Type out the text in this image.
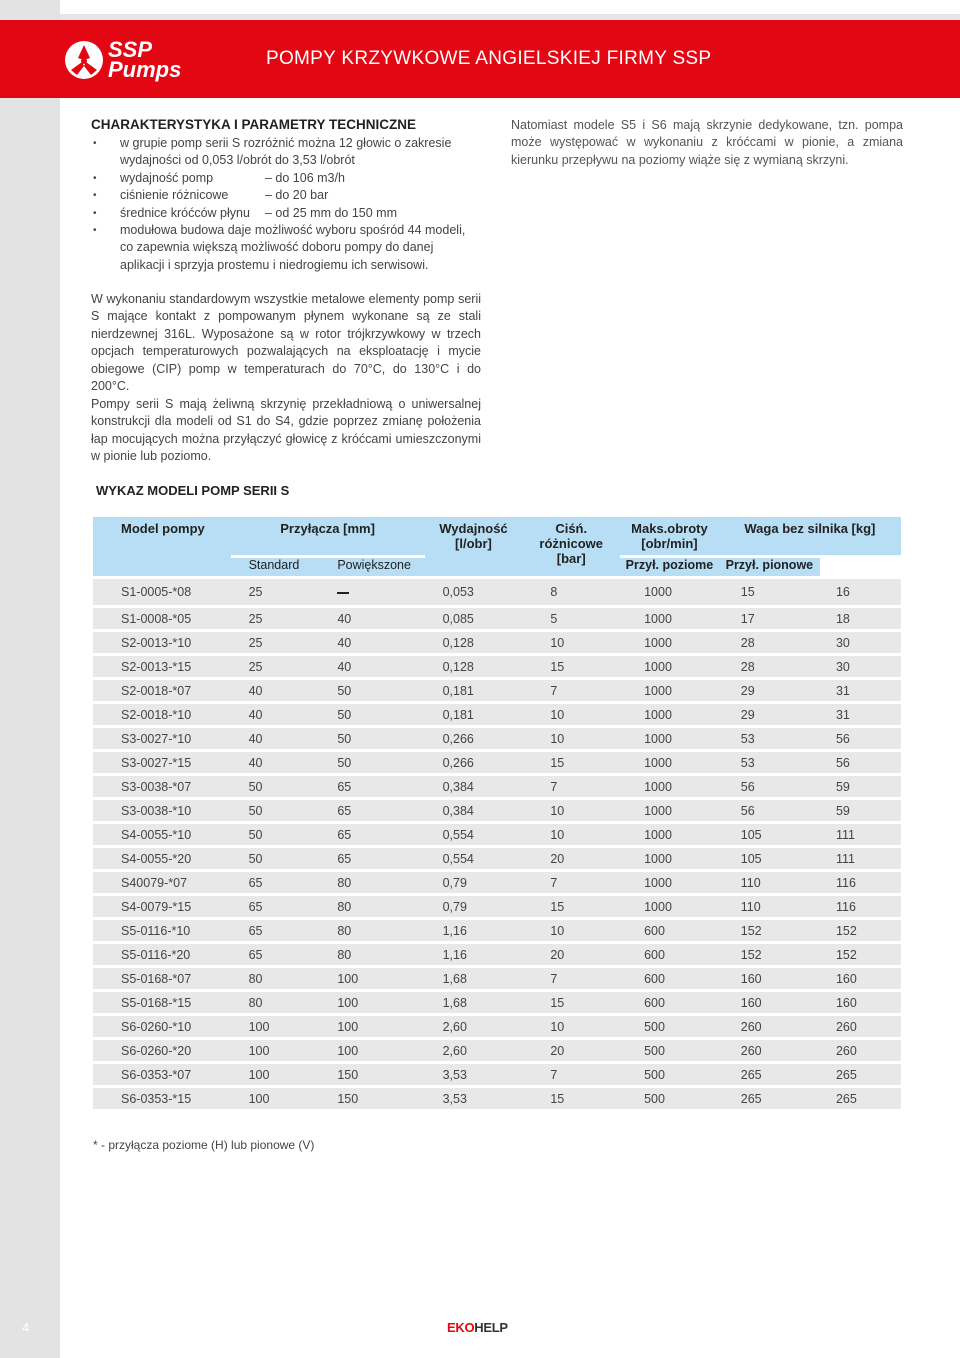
SSP
Pumps	POMPY KRZYWKOWE ANGIELSKIEJ FIRMY SSP
CHARAKTERYSTYKA I PARAMETRY TECHNICZNE
• w grupie pomp serii S rozróżnić można 12 głowic o zakresie wydajności od 0,053 l/obrót do 3,53 l/obrót
• wydajność pomp	– do 106 m3/h
• ciśnienie różnicowe	– do 20 bar
• średnice króćców płynu – od 25 mm do 150 mm
• modułowa budowa daje możliwość wyboru spośród 44 modeli, co zapewnia większą możliwość doboru pompy do danej aplikacji i sprzyja prostemu i niedrogiemu ich serwisowi.
Natomiast modele S5 i S6 mają skrzynie dedykowane, tzn. pompa może występować w wykonaniu z króćcami w pionie, a zmiana kierunku przepływu na poziomy wiąże się z wymianą skrzyni.
W wykonaniu standardowym wszystkie metalowe elementy pomp serii S mające kontakt z pompowanym płynem wykonane są ze stali nierdzewnej 316L. Wyposażone są w rotor trójkrzywkowy w trzech opcjach temperaturowych pozwalających na eksploatację i mycie obiegowe (CIP) pomp w temperaturach do 70°C, do 130°C i do 200°C.
Pompy serii S mają żeliwną skrzynię przekładniową o uniwersalnej konstrukcji dla modeli od S1 do S4, gdzie poprzez zmianę położenia łap mocujących można przyłączyć głowicę z króćcami umieszczonymi w pionie lub poziomo.
WYKAZ MODELI POMP SERII S
Model pompy	Przyłącza [mm]		Wydajność [l/obr]	Ciśń. różnicowe [bar]	Maks.obroty [obr/min]	Waga bez silnika [kg]	
	Standard	Powiększone			Przył. poziome	Przył. pionowe	
S1-0005-*08	25		0,053	8	1000	15	16
S1-0008-*05	25	40	0,085	5	1000	17	18
S2-0013-*10	25	40	0,128	10	1000	28	30
S2-0013-*15	25	40	0,128	15	1000	28	30
S2-0018-*07	40	50	0,181	7	1000	29	31
S2-0018-*10	40	50	0,181	10	1000	29	31
S3-0027-*10	40	50	0,266	10	1000	53	56
S3-0027-*15	40	50	0,266	15	1000	53	56
S3-0038-*07	50	65	0,384	7	1000	56	59
S3-0038-*10	50	65	0,384	10	1000	56	59
S4-0055-*10	50	65	0,554	10	1000	105	111
S4-0055-*20	50	65	0,554	20	1000	105	111
S40079-*07	65	80	0,79	7	1000	110	116
S4-0079-*15	65	80	0,79	15	1000	110	116
S5-0116-*10	65	80	1,16	10	600	152	152
S5-0116-*20	65	80	1,16	20	600	152	152
S5-0168-*07	80	100	1,68	7	600	160	160
S5-0168-*15	80	100	1,68	15	600	160	160
S6-0260-*10	100	100	2,60	10	500	260	260
S6-0260-*20	100	100	2,60	20	500	260	260
S6-0353-*07	100	150	3,53	7	500	265	265
S6-0353-*15	100	150	3,53	15	500	265	265
* - przyłącza poziome (H) lub pionowe (V)
4	EKOHELP
